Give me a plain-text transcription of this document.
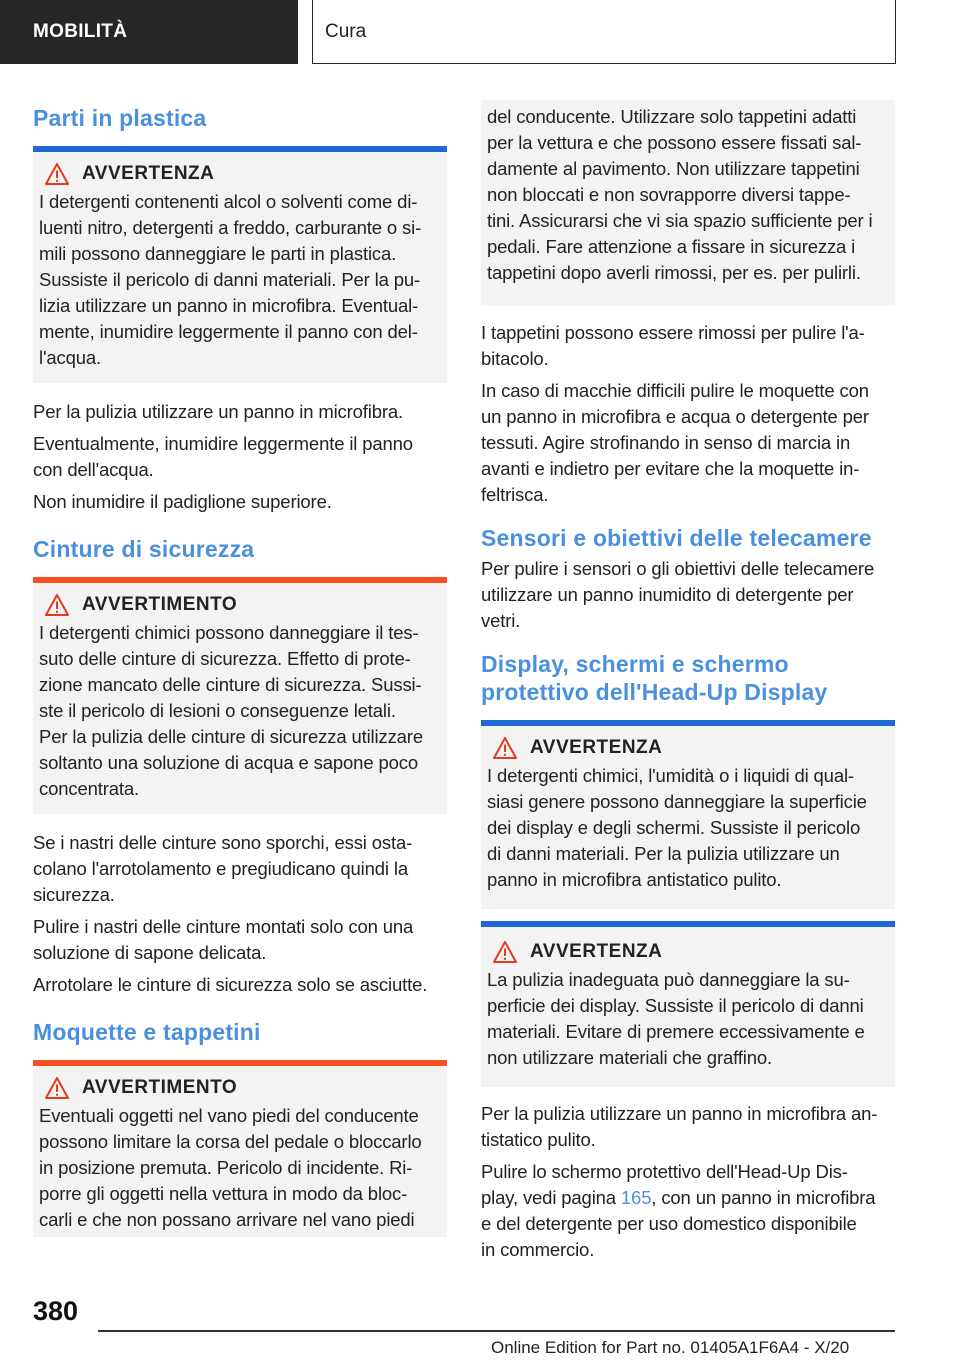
MOBILITÀ	Cura
Parti in plastica
AVVERTENZA
I detergenti contenenti alcol o solventi come di-
luenti nitro, detergenti a freddo, carburante o si-
mili possono danneggiare le parti in plastica.
Sussiste il pericolo di danni materiali. Per la pu-
lizia utilizzare un panno in microfibra. Eventual-
mente, inumidire leggermente il panno con del-
l'acqua.

Per la pulizia utilizzare un panno in microfibra.

Eventualmente, inumidire leggermente il panno
con dell'acqua.

Non inumidire il padiglione superiore.

Cinture di sicurezza
AVVERTIMENTO
I detergenti chimici possono danneggiare il tes-
suto delle cinture di sicurezza. Effetto di prote-
zione mancato delle cinture di sicurezza. Sussi-
ste il pericolo di lesioni o conseguenze letali.
Per la pulizia delle cinture di sicurezza utilizzare
soltanto una soluzione di acqua e sapone poco
concentrata.

Se i nastri delle cinture sono sporchi, essi osta-
colano l'arrotolamento e pregiudicano quindi la
sicurezza.

Pulire i nastri delle cinture montati solo con una
soluzione di sapone delicata.

Arrotolare le cinture di sicurezza solo se asciutte.

Moquette e tappetini
AVVERTIMENTO
Eventuali oggetti nel vano piedi del conducente
possono limitare la corsa del pedale o bloccarlo
in posizione premuta. Pericolo di incidente. Ri-
porre gli oggetti nella vettura in modo da bloc-
carli e che non possano arrivare nel vano piedi
del conducente. Utilizzare solo tappetini adatti
per la vettura e che possono essere fissati sal-
damente al pavimento. Non utilizzare tappetini
non bloccati e non sovrapporre diversi tappe-
tini. Assicurarsi che vi sia spazio sufficiente per i
pedali. Fare attenzione a fissare in sicurezza i
tappetini dopo averli rimossi, per es. per pulirli.

I tappetini possono essere rimossi per pulire l'a-
bitacolo.

In caso di macchie difficili pulire le moquette con
un panno in microfibra e acqua o detergente per
tessuti. Agire strofinando in senso di marcia in
avanti e indietro per evitare che la moquette in-
feltrisca.

Sensori e obiettivi delle telecamere

Per pulire i sensori o gli obiettivi delle telecamere
utilizzare un panno inumidito di detergente per
vetri.

Display, schermi e schermo
protettivo dell'Head-Up Display
AVVERTENZA
I detergenti chimici, l'umidità o i liquidi di qual-
siasi genere possono danneggiare la superficie
dei display e degli schermi. Sussiste il pericolo
di danni materiali. Per la pulizia utilizzare un
panno in microfibra antistatico pulito.
AVVERTENZA
La pulizia inadeguata può danneggiare la su-
perficie dei display. Sussiste il pericolo di danni
materiali. Evitare di premere eccessivamente e
non utilizzare materiali che graffino.

Per la pulizia utilizzare un panno in microfibra an-
tistatico pulito.

Pulire lo schermo protettivo dell'Head-Up Dis-
play, vedi pagina 165, con un panno in microfibra
e del detergente per uso domestico disponibile
in commercio.

380
Online Edition for Part no. 01405A1F6A4 - X/20
